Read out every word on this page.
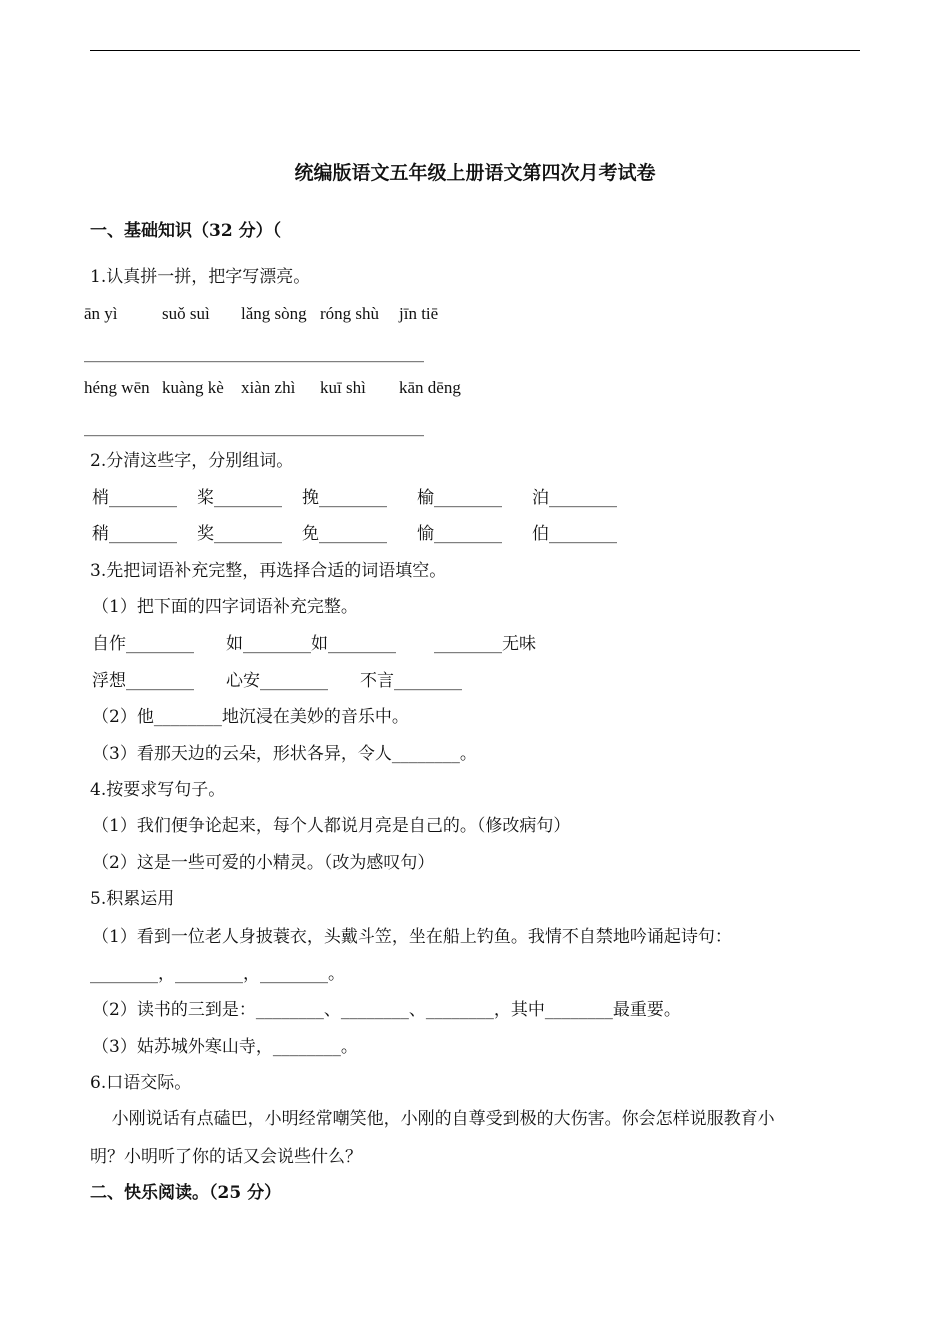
统编版语文五年级上册语文第四次月考试卷
一、基础知识（32 分）（
1.认真拼一拼，把字写漂亮。
ān yì	suǒ suì lǎng sòng róng shù jīn tiē
________________________________________
héng wēn kuàng kè xiàn zhì kuī shì kān dēng
________________________________________
2.分清这些字，分别组词。
梢________ 桨________ 挽________ 榆________ 泊________
稍________ 奖________ 免________ 愉________ 伯________
3.先把词语补充完整，再选择合适的词语填空。
（1）把下面的四字词语补充完整。
自作________ 如________如________ ________无味
浮想________ 心安________ 不言________
（2）他________地沉浸在美妙的音乐中。
（3）看那天边的云朵，形状各异，令人________。
4.按要求写句子。
（1）我们便争论起来，每个人都说月亮是自己的。（修改病句）
（2）这是一些可爱的小精灵。（改为感叹句）
5.积累运用
（1）看到一位老人身披蓑衣，头戴斗笠，坐在船上钓鱼。我情不自禁地吟诵起诗句：
________，________，________。
（2）读书的三到是：________、________、________，其中________最重要。
（3）姑苏城外寒山寺，________。
6.口语交际。
小刚说话有点磕巴，小明经常嘲笑他，小刚的自尊受到极的大伤害。你会怎样说服教育小
明？小明听了你的话又会说些什么？
二、快乐阅读。（25 分）
